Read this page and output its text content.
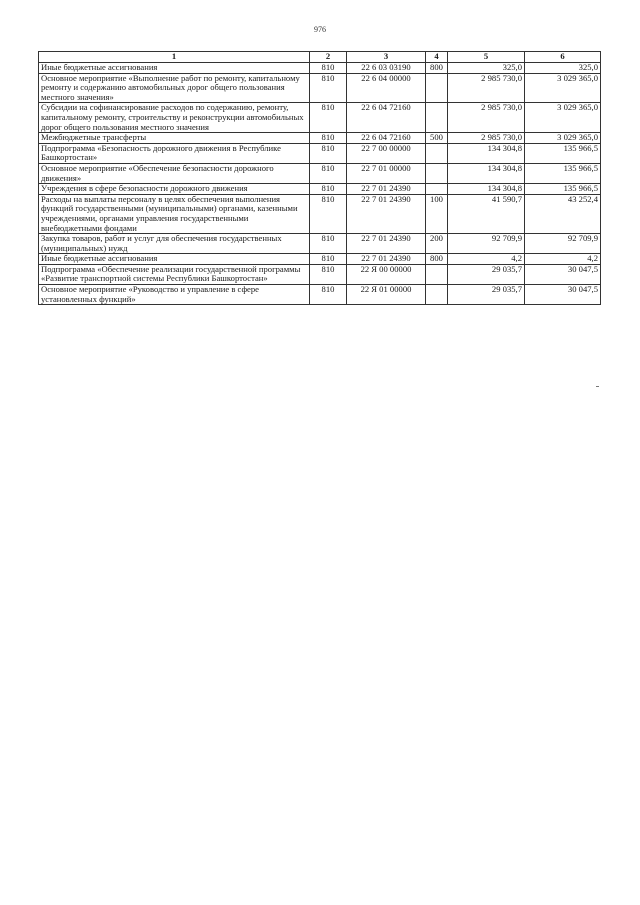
976
1	2	3	4	5	6
Иные бюджетные ассигнования	810	22 6 03 03190	800	325,0	325,0
Основное мероприятие «Выполнение работ по ремонту, капитальному ремонту и содержанию автомобильных дорог общего пользования местного значения»	810	22 6 04 00000		2 985 730,0	3 029 365,0
Субсидии на софинансирование расходов по содержанию, ремонту, капитальному ремонту, строительству и реконструкции автомобильных дорог общего пользования местного значения	810	22 6 04 72160		2 985 730,0	3 029 365,0
Межбюджетные трансферты	810	22 6 04 72160	500	2 985 730,0	3 029 365,0
Подпрограмма «Безопасность дорожного движения в Республике Башкортостан»	810	22 7 00 00000		134 304,8	135 966,5
Основное мероприятие «Обеспечение безопасности дорожного движения»	810	22 7 01 00000		134 304,8	135 966,5
Учреждения в сфере безопасности дорожного движения	810	22 7 01 24390		134 304,8	135 966,5
Расходы на выплаты персоналу в целях обеспечения выполнения функций государственными (муниципальными) органами, казенными учреждениями, органами управления государственными внебюджетными фондами	810	22 7 01 24390	100	41 590,7	43 252,4
Закупка товаров, работ и услуг для обеспечения государственных (муниципальных) нужд	810	22 7 01 24390	200	92 709,9	92 709,9
Иные бюджетные ассигнования	810	22 7 01 24390	800	4,2	4,2
Подпрограмма «Обеспечение реализации государственной программы «Развитие транспортной системы Республики Башкортостан»	810	22 Я 00 00000		29 035,7	30 047,5
Основное мероприятие «Руководство и управление в сфере установленных функций»	810	22 Я 01 00000		29 035,7	30 047,5
